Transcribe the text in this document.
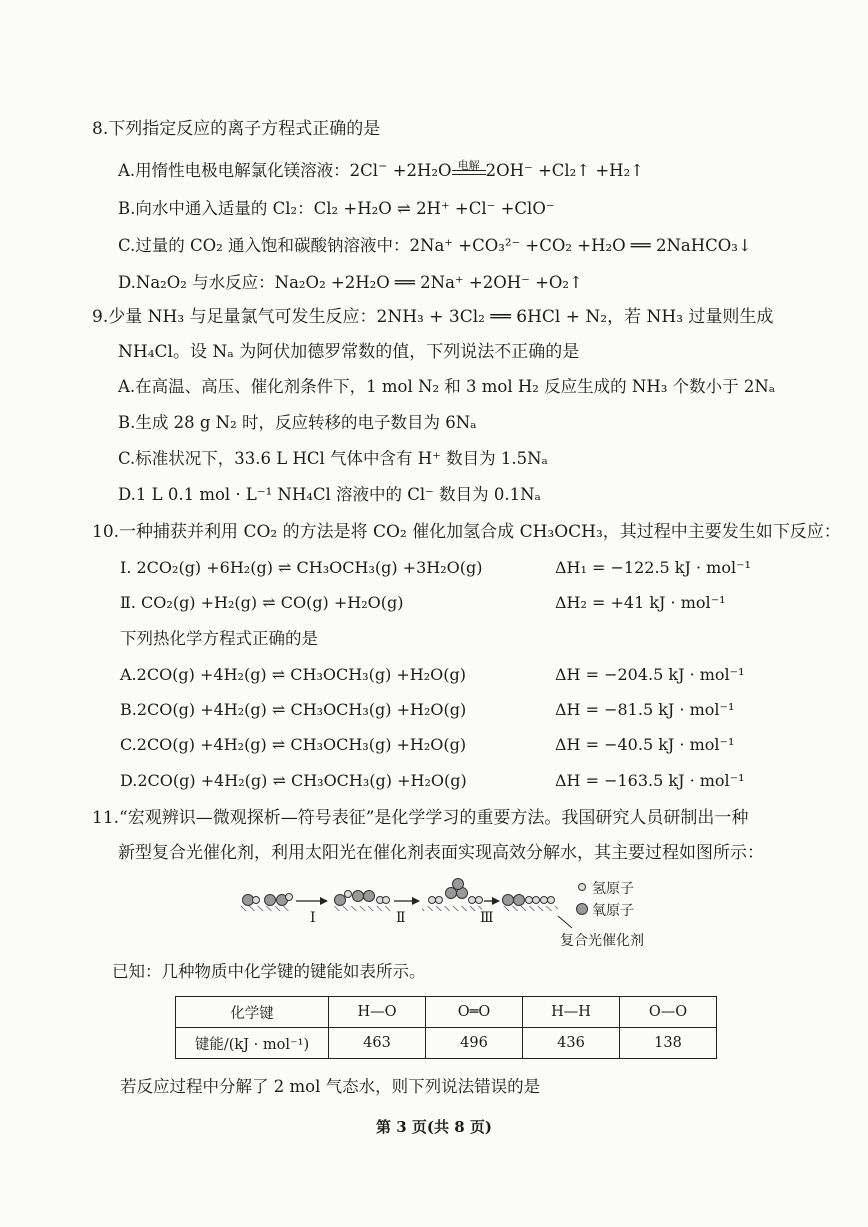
8.下列指定反应的离子方程式正确的是
A.用惰性电极电解氯化镁溶液：2Cl− +2H₂O 电解 2OH⁻ +Cl₂↑ +H₂↑
B.向水中通入适量的 Cl₂：Cl₂ +H₂O ⇌ 2H⁺ +Cl⁻ +ClO⁻
C.过量的 CO₂ 通入饱和碳酸钠溶液中：2Na⁺ +CO₃²⁻ +CO₂ +H₂O ══ 2NaHCO₃↓
D.Na₂O₂ 与水反应：Na₂O₂ +2H₂O ══ 2Na⁺ +2OH⁻ +O₂↑
9.少量 NH₃ 与足量氯气可发生反应：2NH₃ + 3Cl₂ ══ 6HCl + N₂，若 NH₃ 过量则生成
NH₄Cl。设 Nₐ 为阿伏加德罗常数的值，下列说法不正确的是
A.在高温、高压、催化剂条件下，1 mol N₂ 和 3 mol H₂ 反应生成的 NH₃ 个数小于 2Nₐ
B.生成 28 g N₂ 时，反应转移的电子数目为 6Nₐ
C.标准状况下，33.6 L HCl 气体中含有 H⁺ 数目为 1.5Nₐ
D.1 L 0.1 mol · L⁻¹ NH₄Cl 溶液中的 Cl⁻ 数目为 0.1Nₐ
10.一种捕获并利用 CO₂ 的方法是将 CO₂ 催化加氢合成 CH₃OCH₃，其过程中主要发生如下反应：
Ⅰ. 2CO₂(g) +6H₂(g) ⇌ CH₃OCH₃(g) +3H₂O(g)	ΔH₁ = −122.5 kJ · mol⁻¹
Ⅱ. CO₂(g) +H₂(g) ⇌ CO(g) +H₂O(g)	ΔH₂ = +41 kJ · mol⁻¹
下列热化学方程式正确的是
A.2CO(g) +4H₂(g) ⇌ CH₃OCH₃(g) +H₂O(g)	ΔH = −204.5 kJ · mol⁻¹
B.2CO(g) +4H₂(g) ⇌ CH₃OCH₃(g) +H₂O(g)	ΔH = −81.5 kJ · mol⁻¹
C.2CO(g) +4H₂(g) ⇌ CH₃OCH₃(g) +H₂O(g)	ΔH = −40.5 kJ · mol⁻¹
D.2CO(g) +4H₂(g) ⇌ CH₃OCH₃(g) +H₂O(g)	ΔH = −163.5 kJ · mol⁻¹
11.“宏观辨识—微观探析—符号表征”是化学学习的重要方法。我国研究人员研制出一种
新型复合光催化剂，利用太阳光在催化剂表面实现高效分解水，其主要过程如图所示：
Ⅰ	Ⅱ	Ⅲ
氢原子
氧原子
复合光催化剂
已知：几种物质中化学键的键能如表所示。
化学键	H—O	O═O	H—H	O—O
键能/(kJ · mol⁻¹)	463	496	436	138
若反应过程中分解了 2 mol 气态水，则下列说法错误的是
第 3 页(共 8 页)
